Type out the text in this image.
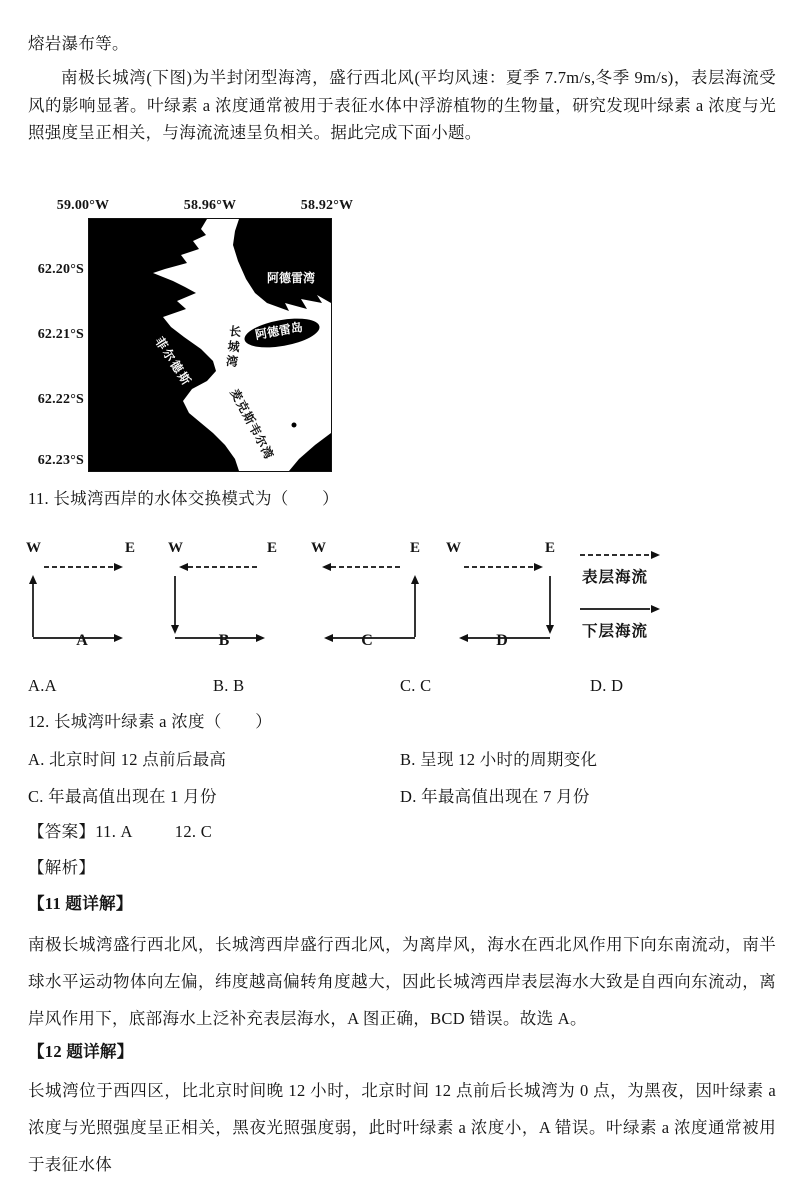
熔岩瀑布等。
南极长城湾(下图)为半封闭型海湾，盛行西北风(平均风速：夏季 7.7m/s,冬季 9m/s)，表层海流受风的影响显著。叶绿素 a 浓度通常被用于表征水体中浮游植物的生物量，研究发现叶绿素 a 浓度与光照强度呈正相关，与海流流速呈负相关。据此完成下面小题。
59.00°W	58.96°W	58.92°W
62.20°S
62.21°S
62.22°S
62.23°S
阿德雷湾
阿德雷岛
长城湾
麦克斯韦尔湾
菲尔德斯
11. 长城湾西岸的水体交换模式为（　　）
W	E
A
W	E
B
W	E
C
W	E
D
表层海流
下层海流
A.A	B. B	C. C	D. D
12. 长城湾叶绿素 a 浓度（　　）
A. 北京时间 12 点前后最高	B. 呈现 12 小时的周期变化
C. 年最高值出现在 1 月份	D. 年最高值出现在 7 月份
【答案】11. A	12. C
【解析】
【11 题详解】
南极长城湾盛行西北风，长城湾西岸盛行西北风，为离岸风，海水在西北风作用下向东南流动，南半球水平运动物体向左偏，纬度越高偏转角度越大，因此长城湾西岸表层海水大致是自西向东流动，离岸风作用下，底部海水上泛补充表层海水，A 图正确，BCD 错误。故选 A。
【12 题详解】
长城湾位于西四区，比北京时间晚 12 小时，北京时间 12 点前后长城湾为 0 点，为黑夜，因叶绿素 a 浓度与光照强度呈正相关，黑夜光照强度弱，此时叶绿素 a 浓度小，A 错误。叶绿素 a 浓度通常被用于表征水体
